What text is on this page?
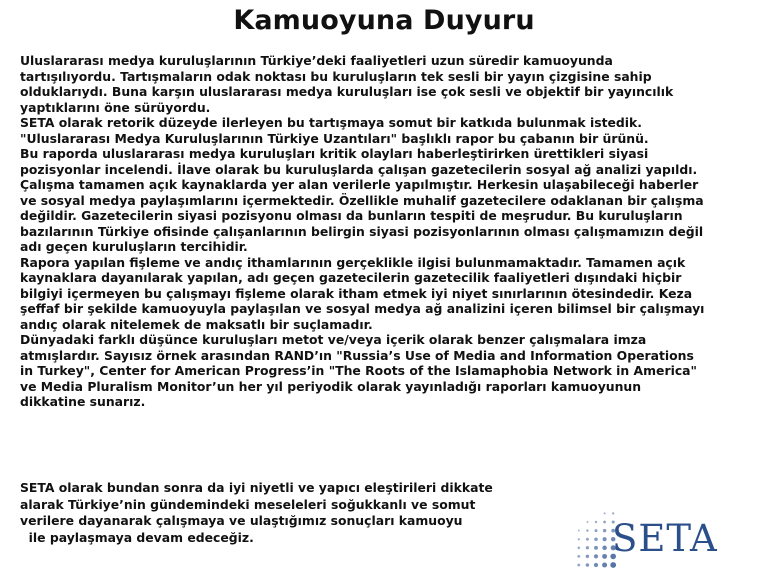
Kamuoyuna Duyuru

Uluslararası medya kuruluşlarının Türkiye’deki faaliyetleri uzun süredir kamuoyunda

tartışılıyordu. Tartışmaların odak noktası bu kuruluşların tek sesli bir yayın çizgisine sahip

olduklarıydı. Buna karşın uluslararası medya kuruluşları ise çok sesli ve objektif bir yayıncılık

yaptıklarını öne sürüyordu.

SETA olarak retorik düzeyde ilerleyen bu tartışmaya somut bir katkıda bulunmak istedik.

"Uluslararası Medya Kuruluşlarının Türkiye Uzantıları" başlıklı rapor bu çabanın bir ürünü.

Bu raporda uluslararası medya kuruluşları kritik olayları haberleştirirken ürettikleri siyasi

pozisyonlar incelendi. İlave olarak bu kuruluşlarda çalışan gazetecilerin sosyal ağ analizi yapıldı.

Çalışma tamamen açık kaynaklarda yer alan verilerle yapılmıştır. Herkesin ulaşabileceği haberler

ve sosyal medya paylaşımlarını içermektedir. Özellikle muhalif gazetecilere odaklanan bir çalışma

değildir. Gazetecilerin siyasi pozisyonu olması da bunların tespiti de meşrudur. Bu kuruluşların

bazılarının Türkiye ofisinde çalışanlarının belirgin siyasi pozisyonlarının olması çalışmamızın değil

adı geçen kuruluşların tercihidir.

Rapora yapılan fişleme ve andıç ithamlarının gerçeklikle ilgisi bulunmamaktadır. Tamamen açık

kaynaklara dayanılarak yapılan, adı geçen gazetecilerin gazetecilik faaliyetleri dışındaki hiçbir

bilgiyi içermeyen bu çalışmayı fişleme olarak itham etmek iyi niyet sınırlarının ötesindedir. Keza

şeffaf bir şekilde kamuoyuyla paylaşılan ve sosyal medya ağ analizini içeren bilimsel bir çalışmayı

andıç olarak nitelemek de maksatlı bir suçlamadır.

Dünyadaki farklı düşünce kuruluşları metot ve/veya içerik olarak benzer çalışmalara imza

atmışlardır. Sayısız örnek arasından RAND’ın "Russia’s Use of Media and Information Operations

in Turkey", Center for American Progress’in "The Roots of the Islamaphobia Network in America"

ve Media Pluralism Monitor’un her yıl periyodik olarak yayınladığı raporları kamuoyunun

dikkatine sunarız.

SETA olarak bundan sonra da iyi niyetli ve yapıcı eleştirileri dikkate

alarak Türkiye’nin gündemindeki meseleleri soğukkanlı ve somut

verilere dayanarak çalışmaya ve ulaştığımız sonuçları kamuoyu

ile paylaşmaya devam edeceğiz.	SETA
